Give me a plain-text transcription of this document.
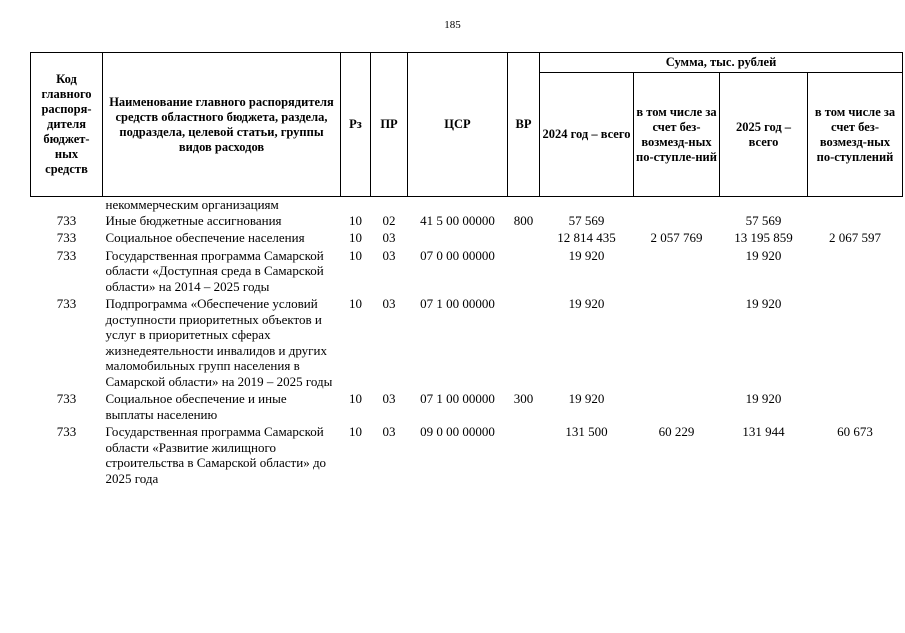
185
Код главного распоря-дителя бюджет-ных средств	Наименование главного распорядителя средств областного бюджета, раздела, подраздела, целевой статьи, группы видов расходов	Рз	ПР	ЦСР	ВР	Сумма, тыс. рублей			
						2024 год – всего	в том числе за счет без-возмезд-ных по-ступле-ний	2025 год – всего	в том числе за счет без-возмезд-ных по-ступлений
	некоммерческим организациям								
733	Иные бюджетные ассигнования	10	02	41 5 00 00000	800	57 569		57 569	
733	Социальное обеспечение населения	10	03			12 814 435	2 057 769	13 195 859	2 067 597
733	Государственная программа Самарской области «Доступная среда в Самарской области» на 2014 – 2025 годы	10	03	07 0 00 00000		19 920		19 920	
733	Подпрограмма «Обеспечение условий доступности приоритетных объектов и услуг в приоритетных сферах жизнедеятельности инвалидов и других маломобильных групп населения в Самарской области» на 2019 – 2025 годы	10	03	07 1 00 00000		19 920		19 920	
733	Социальное обеспечение и иные выплаты населению	10	03	07 1 00 00000	300	19 920		19 920	
733	Государственная программа Самарской области «Развитие жилищного строительства в Самарской области» до 2025 года	10	03	09 0 00 00000		131 500	60 229	131 944	60 673
